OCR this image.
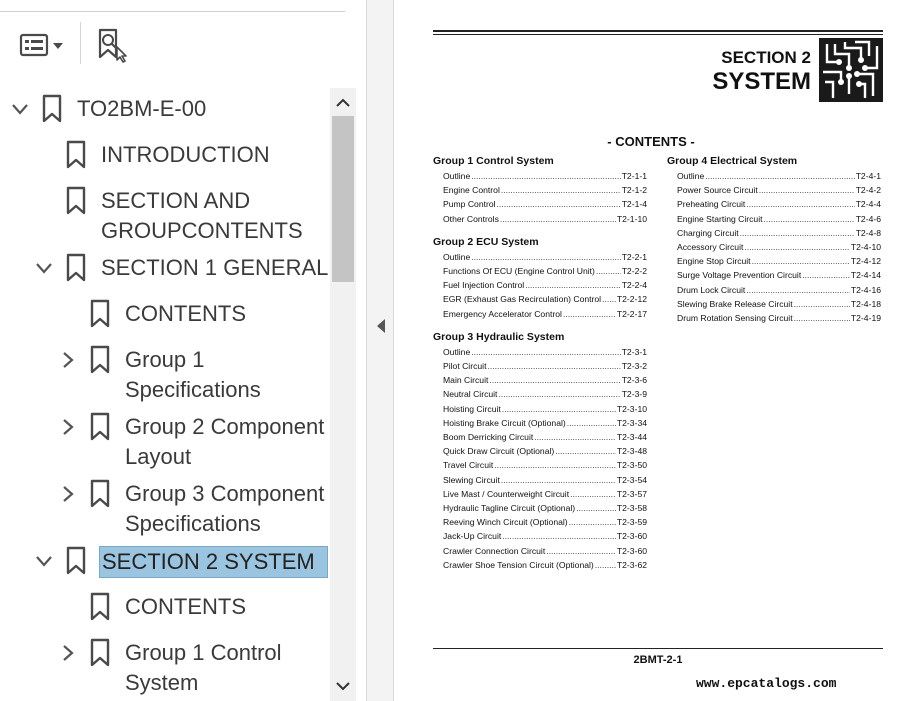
TO2BM-E-00
INTRODUCTION
SECTION AND
GROUPCONTENTS
SECTION 1 GENERAL
CONTENTS
Group 1
Specifications
Group 2 Component
Layout
Group 3 Component
Specifications
SECTION 2 SYSTEM
CONTENTS
Group 1 Control
System
SECTION 2
SYSTEM
- CONTENTS -
Group 1 Control System
Outline .....	T2-1-1
Engine Control .....	T2-1-2
Pump Control .....	T2-1-4
Other Controls .....	T2-1-10
Group 2 ECU System
Outline .....	T2-2-1
Functions Of ECU (Engine Control Unit) .....	T2-2-2
Fuel Injection Control .....	T2-2-4
EGR (Exhaust Gas Recirculation) Control ..... T2-2-12
Emergency Accelerator Control .....	T2-2-17
Group 3 Hydraulic System
Outline .....	T2-3-1
Pilot Circuit .....	T2-3-2
Main Circuit .....	T2-3-6
Neutral Circuit .....	T2-3-9
Hoisting Circuit .....	T2-3-10
Hoisting Brake Circuit (Optional) .....	T2-3-34
Boom Derricking Circuit .....	T2-3-44
Quick Draw Circuit (Optional) .....	T2-3-48
Travel Circuit .....	T2-3-50
Slewing Circuit .....	T2-3-54
Live Mast / Counterweight Circuit .....	T2-3-57
Hydraulic Tagline Circuit (Optional) .....	T2-3-58
Reeving Winch Circuit (Optional) .....	T2-3-59
Jack-Up Circuit .....	T2-3-60
Crawler Connection Circuit .....	T2-3-60
Crawler Shoe Tension Circuit (Optional) .....	T2-3-62
Group 4 Electrical System
Outline .....	T2-4-1
Power Source Circuit .....	T2-4-2
Preheating Circuit .....	T2-4-4
Engine Starting Circuit .....	T2-4-6
Charging Circuit .....	T2-4-8
Accessory Circuit .....	T2-4-10
Engine Stop Circuit .....	T2-4-12
Surge Voltage Prevention Circuit .....	T2-4-14
Drum Lock Circuit .....	T2-4-16
Slewing Brake Release Circuit .....	T2-4-18
Drum Rotation Sensing Circuit .....	T2-4-19
2BMT-2-1
www.epcatalogs.com
